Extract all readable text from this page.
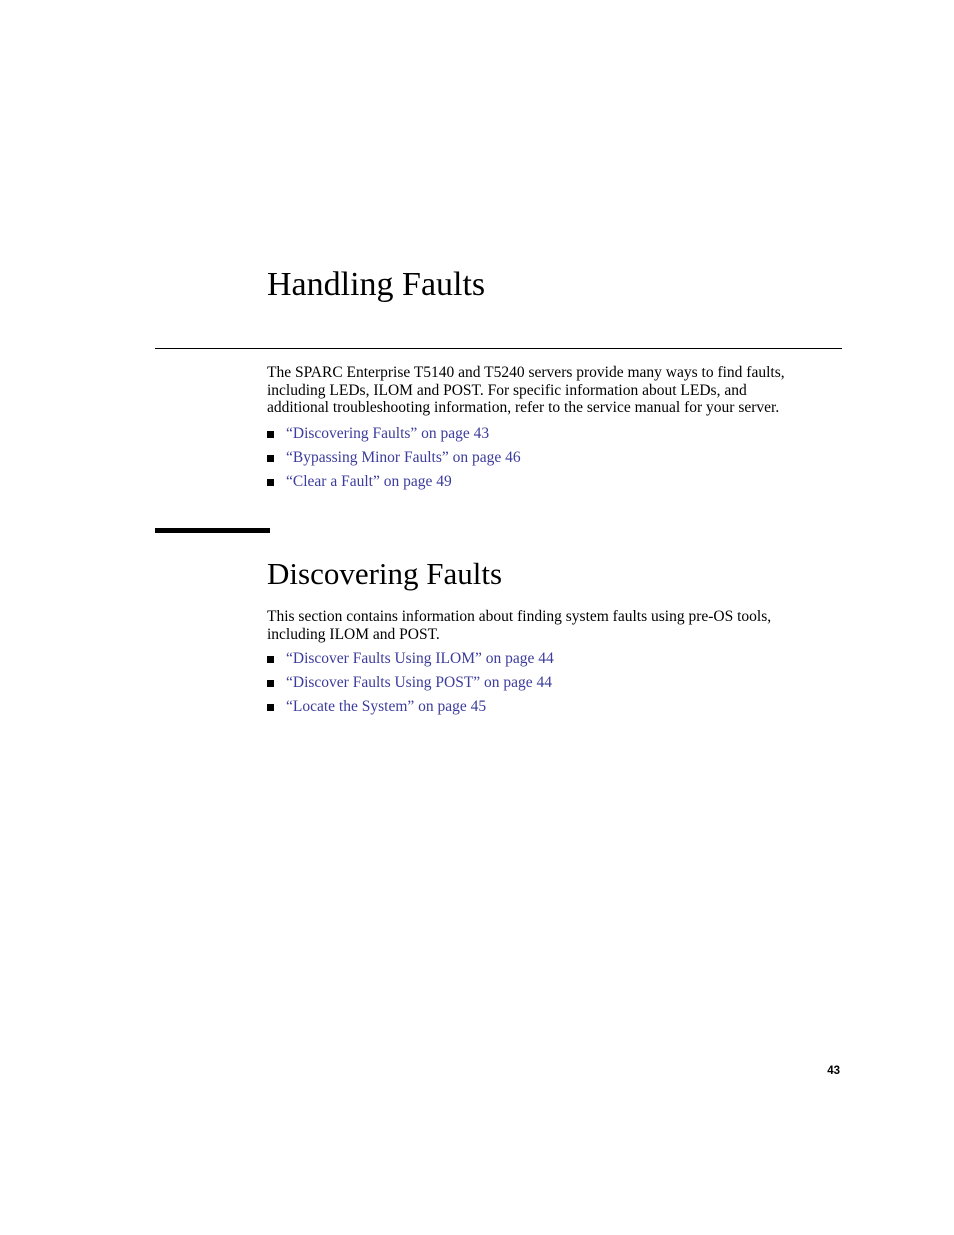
Handling Faults

The SPARC Enterprise T5140 and T5240 servers provide many ways to find faults,
including LEDs, ILOM and POST. For specific information about LEDs, and
additional troubleshooting information, refer to the service manual for your server.

“Discovering Faults” on page 43
“Bypassing Minor Faults” on page 46
“Clear a Fault” on page 49
Discovering Faults

This section contains information about finding system faults using pre-OS tools,
including ILOM and POST.

“Discover Faults Using ILOM” on page 44
“Discover Faults Using POST” on page 44
“Locate the System” on page 45
43
